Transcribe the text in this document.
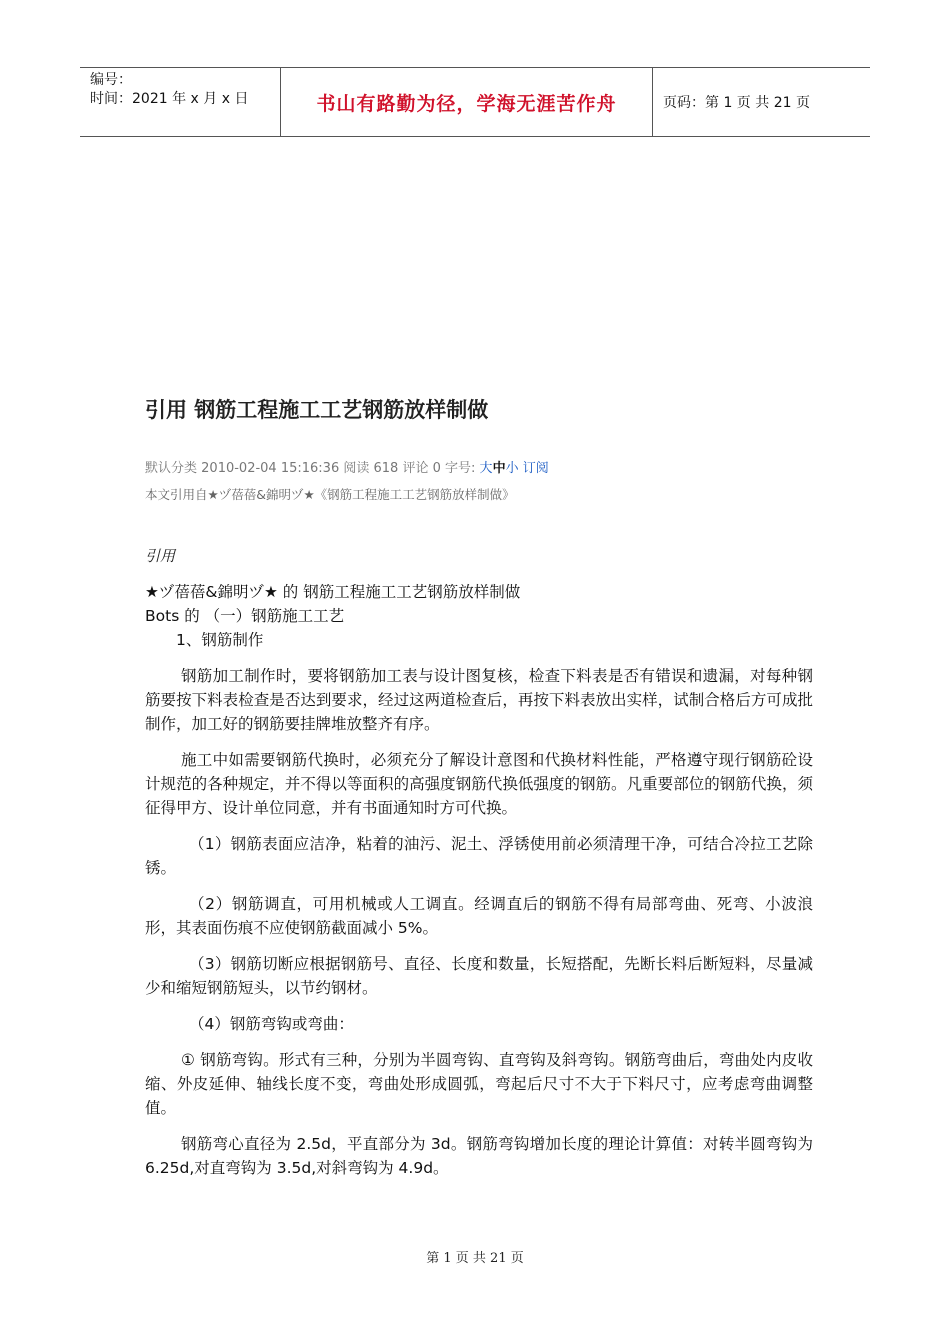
编号：
时间：2021 年 x 月 x 日	书山有路勤为径，学海无涯苦作舟	页码：第 1 页 共 21 页
引用 钢筋工程施工工艺钢筋放样制做
默认分类 2010-02-04 15:16:36 阅读 618 评论 0 字号: 大中小 订阅
本文引用自★ヅ蓓蓓&錦明ヅ★《钢筋工程施工工艺钢筋放样制做》
引用

★ヅ蓓蓓&錦明ヅ★ 的 钢筋工程施工工艺钢筋放样制做

Bots 的 （一）钢筋施工工艺

1、钢筋制作

钢筋加工制作时，要将钢筋加工表与设计图复核，检查下料表是否有错误和遗漏，对每种钢筋要按下料表检查是否达到要求，经过这两道检查后，再按下料表放出实样，试制合格后方可成批制作，加工好的钢筋要挂牌堆放整齐有序。

施工中如需要钢筋代换时，必须充分了解设计意图和代换材料性能，严格遵守现行钢筋砼设计规范的各种规定，并不得以等面积的高强度钢筋代换低强度的钢筋。凡重要部位的钢筋代换，须征得甲方、设计单位同意，并有书面通知时方可代换。

（1）钢筋表面应洁净，粘着的油污、泥土、浮锈使用前必须清理干净，可结合冷拉工艺除锈。

（2）钢筋调直，可用机械或人工调直。经调直后的钢筋不得有局部弯曲、死弯、小波浪形，其表面伤痕不应使钢筋截面减小 5%。

（3）钢筋切断应根据钢筋号、直径、长度和数量，长短搭配，先断长料后断短料，尽量减少和缩短钢筋短头，以节约钢材。

（4）钢筋弯钩或弯曲：

① 钢筋弯钩。形式有三种，分别为半圆弯钩、直弯钩及斜弯钩。钢筋弯曲后，弯曲处内皮收缩、外皮延伸、轴线长度不变，弯曲处形成圆弧，弯起后尺寸不大于下料尺寸，应考虑弯曲调整值。

钢筋弯心直径为 2.5d，平直部分为 3d。钢筋弯钩增加长度的理论计算值：对转半圆弯钩为 6.25d,对直弯钩为 3.5d,对斜弯钩为 4.9d。

第 1 页 共 21 页
